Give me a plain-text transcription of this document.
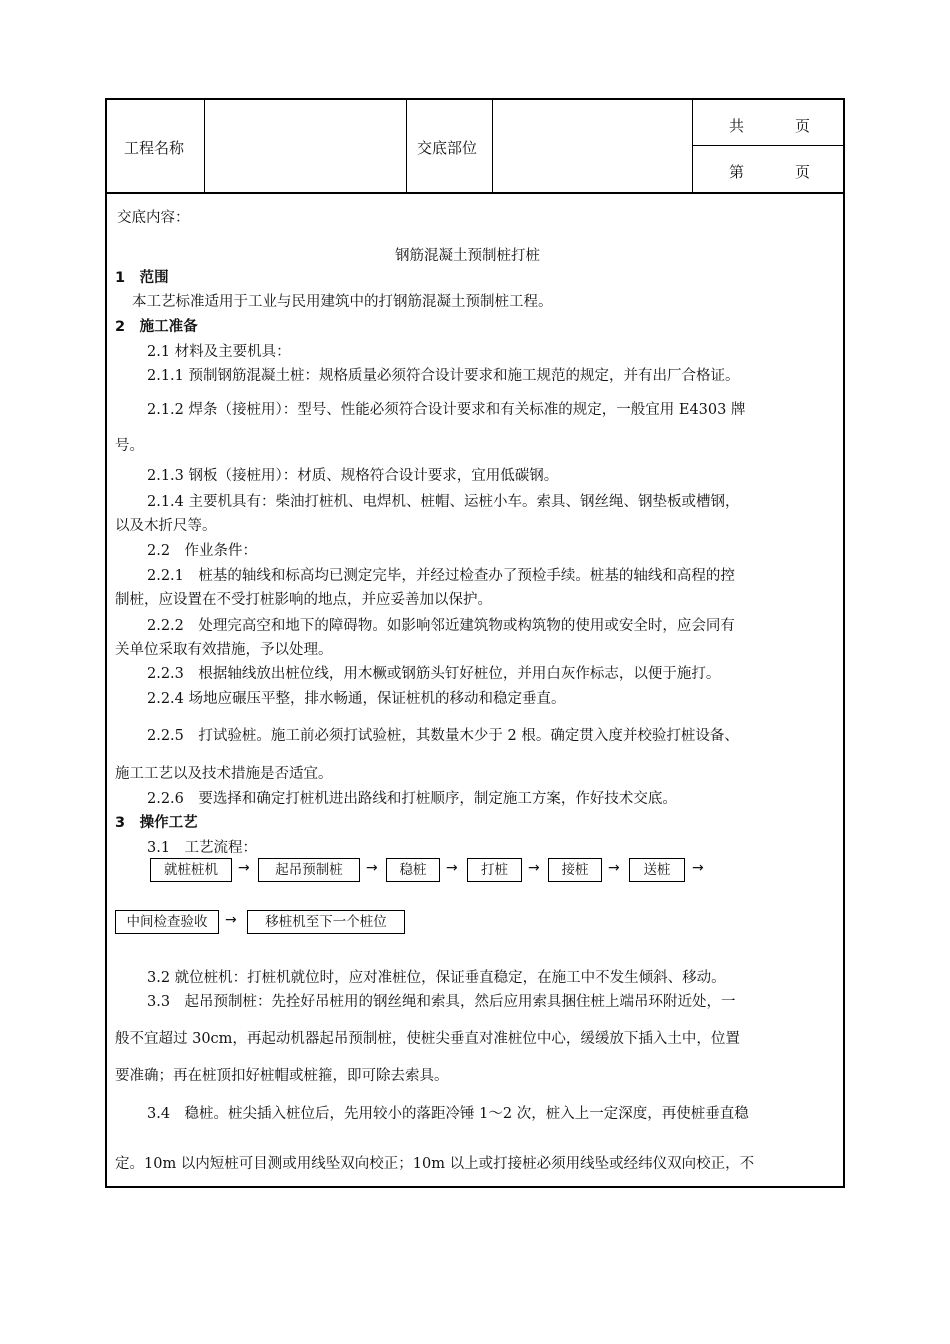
工程名称	交底部位
共	页
第	页
交底内容：
钢筋混凝土预制桩打桩
1　范围
本工艺标准适用于工业与民用建筑中的打钢筋混凝土预制桩工程。
2　施工准备
2.1 材料及主要机具：
2.1.1 预制钢筋混凝土桩：规格质量必须符合设计要求和施工规范的规定，并有出厂合格证。
2.1.2 焊条（接桩用）：型号、性能必须符合设计要求和有关标准的规定，一般宜用 E4303 牌
号。
2.1.3 钢板（接桩用）：材质、规格符合设计要求，宜用低碳钢。
2.1.4 主要机具有：柴油打桩机、电焊机、桩帽、运桩小车。索具、钢丝绳、钢垫板或槽钢，
以及木折尺等。
2.2　作业条件：
2.2.1　桩基的轴线和标高均已测定完毕，并经过检查办了预检手续。桩基的轴线和高程的控
制桩，应设置在不受打桩影响的地点，并应妥善加以保护。
2.2.2　处理完高空和地下的障碍物。如影响邻近建筑物或构筑物的使用或安全时，应会同有
关单位采取有效措施，予以处理。
2.2.3　根据轴线放出桩位线，用木橛或钢筋头钉好桩位，并用白灰作标志，以便于施打。
2.2.4 场地应碾压平整，排水畅通，保证桩机的移动和稳定垂直。
2.2.5　打试验桩。施工前必须打试验桩，其数量木少于 2 根。确定贯入度并校验打桩设备、
施工工艺以及技术措施是否适宜。
2.2.6　要选择和确定打桩机进出路线和打桩顺序，制定施工方案，作好技术交底。
3　操作工艺
3.1　工艺流程：
就桩桩机	→	起吊预制桩	→	稳桩	→	打桩	→	接桩	→	送桩	→
中间检查验收	→	移桩机至下一个桩位
3.2 就位桩机：打桩机就位时，应对准桩位，保证垂直稳定，在施工中不发生倾斜、移动。
3.3　起吊预制桩：先拴好吊桩用的钢丝绳和索具，然后应用索具捆住桩上端吊环附近处，一
般不宜超过 30cm，再起动机器起吊预制桩，使桩尖垂直对准桩位中心，缓缓放下插入土中，位置
要准确；再在桩顶扣好桩帽或桩箍，即可除去索具。
3.4　稳桩。桩尖插入桩位后，先用较小的落距冷锤 1～2 次，桩入上一定深度，再使桩垂直稳
定。10m 以内短桩可目测或用线坠双向校正；10m 以上或打接桩必须用线坠或经纬仪双向校正，不
